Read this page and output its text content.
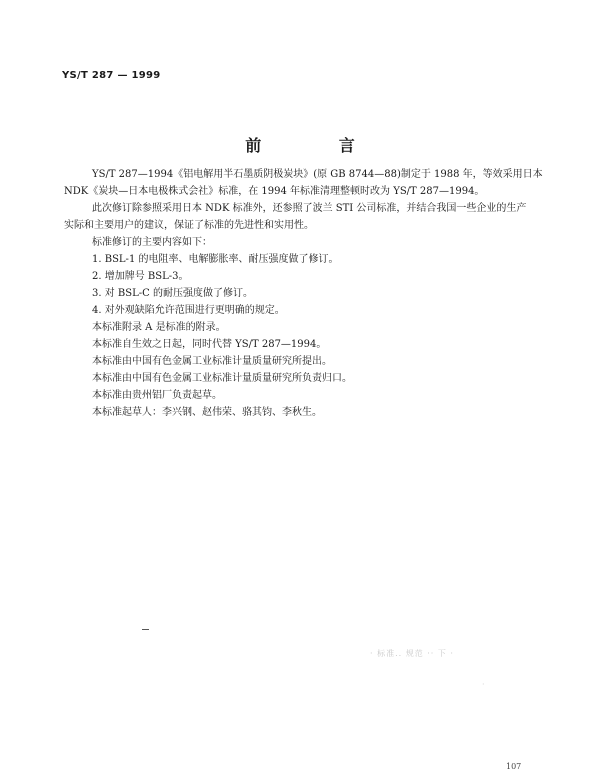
YS/T 287 — 1999
前 言

YS/T 287—1994《铝电解用半石墨质阴极炭块》(原 GB 8744—88)制定于 1988 年，等效采用日本

NDK《炭块—日本电极株式会社》标准，在 1994 年标准清理整顿时改为 YS/T 287—1994。

此次修订除参照采用日本 NDK 标准外，还参照了波兰 STI 公司标准，并结合我国一些企业的生产

实际和主要用户的建议，保证了标准的先进性和实用性。

标准修订的主要内容如下：

1. BSL-1 的电阻率、电解膨胀率、耐压强度做了修订。

2. 增加牌号 BSL-3。

3. 对 BSL-C 的耐压强度做了修订。

4. 对外观缺陷允许范围进行更明确的规定。

本标准附录 A 是标准的附录。

本标准自生效之日起，同时代替 YS/T 287—1994。

本标准由中国有色金属工业标准计量质量研究所提出。

本标准由中国有色金属工业标准计量质量研究所负责归口。

本标准由贵州铝厂负责起草。

本标准起草人：李兴钢、赵伟荣、骆其钧、李秋生。

· 标准.. 规范 ·· 下 ·
·
107
